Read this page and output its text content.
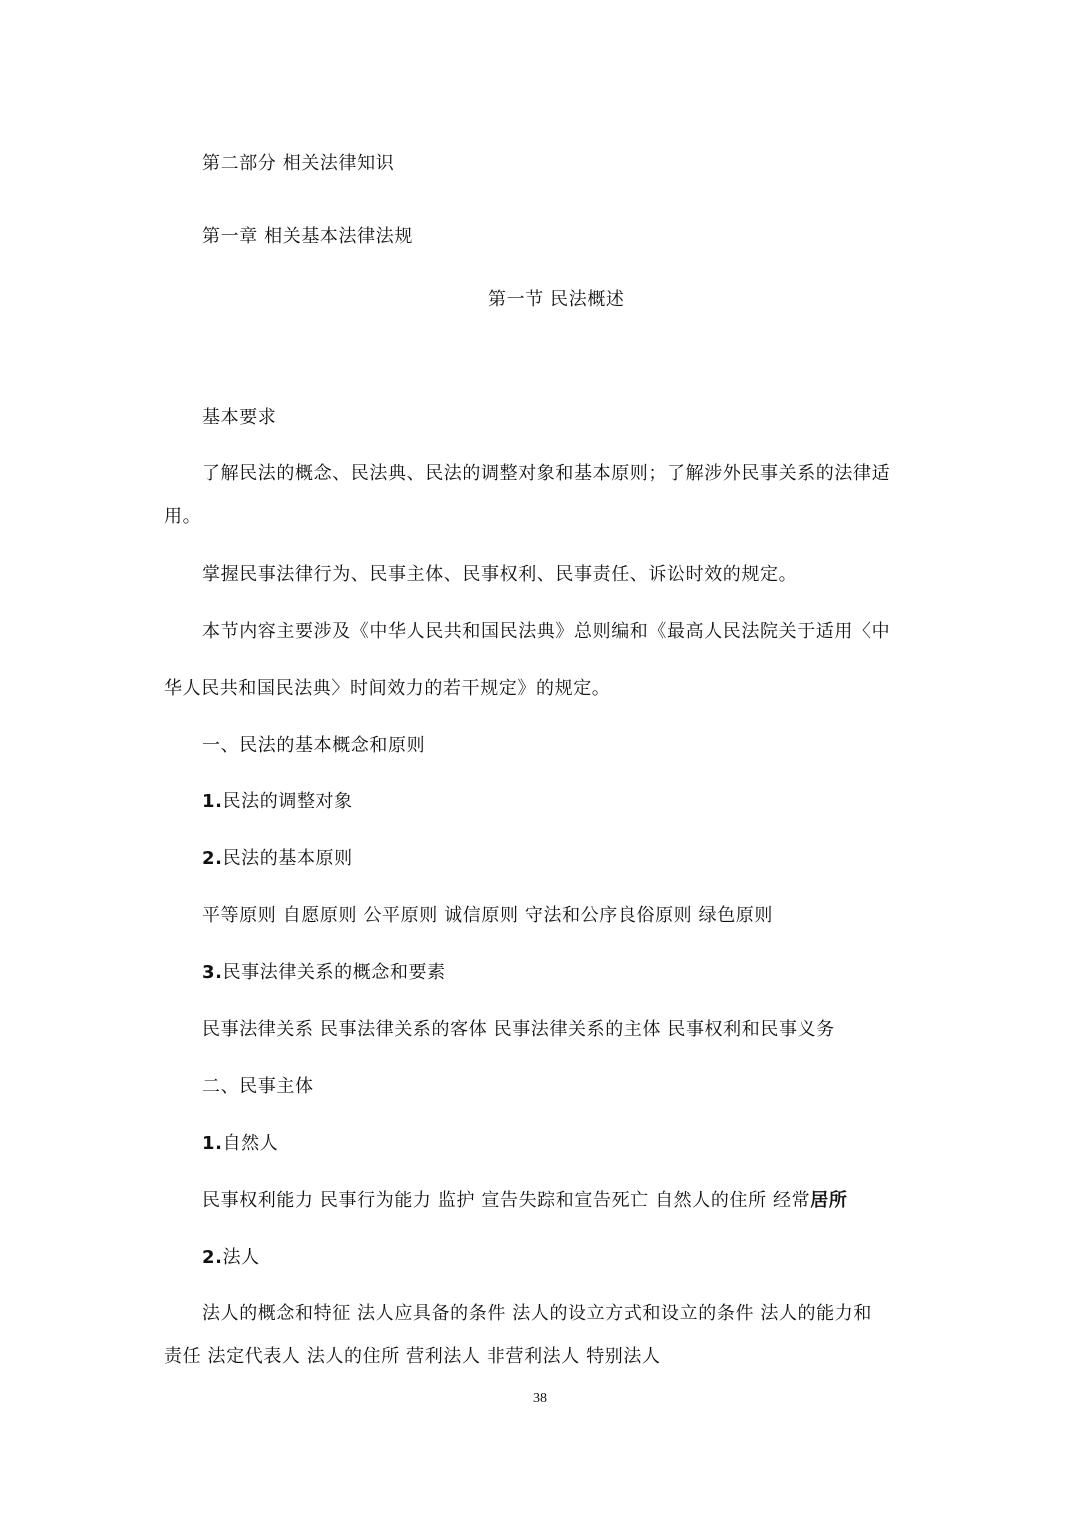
第二部分 相关法律知识
第一章 相关基本法律法规
第一节 民法概述
基本要求
了解民法的概念、民法典、民法的调整对象和基本原则；了解涉外民事关系的法律适
用。
掌握民事法律行为、民事主体、民事权利、民事责任、诉讼时效的规定。
本节内容主要涉及《中华人民共和国民法典》总则编和《最高人民法院关于适用〈中
华人民共和国民法典〉时间效力的若干规定》的规定。
一、民法的基本概念和原则
1.民法的调整对象
2.民法的基本原则
平等原则 自愿原则 公平原则 诚信原则 守法和公序良俗原则 绿色原则
3.民事法律关系的概念和要素
民事法律关系 民事法律关系的客体 民事法律关系的主体 民事权利和民事义务
二、民事主体
1.自然人
民事权利能力 民事行为能力 监护 宣告失踪和宣告死亡 自然人的住所 经常居所
2.法人
法人的概念和特征 法人应具备的条件 法人的设立方式和设立的条件 法人的能力和
责任 法定代表人 法人的住所 营利法人 非营利法人 特别法人
38
